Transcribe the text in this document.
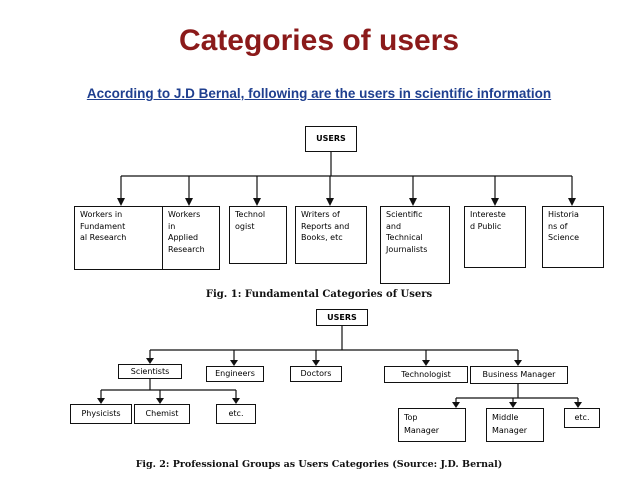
Categories of users
According to J.D Bernal, following are the users in scientific information
USERS
Workers in
Fundament
al Research
Workers
in
Applied
Research
Technol
ogist
Writers of
Reports and
Books, etc
Scientific
and
Technical
Journalists
Intereste
d Public
Historia
ns of
Science
Fig. 1: Fundamental Categories of Users
USERS
Scientists	Engineers	Doctors	Technologist	Business Manager
Physicists	Chemist	etc.	Top
Manager
Middle
Manager
etc.
Fig. 2: Professional Groups as Users Categories (Source: J.D. Bernal)
